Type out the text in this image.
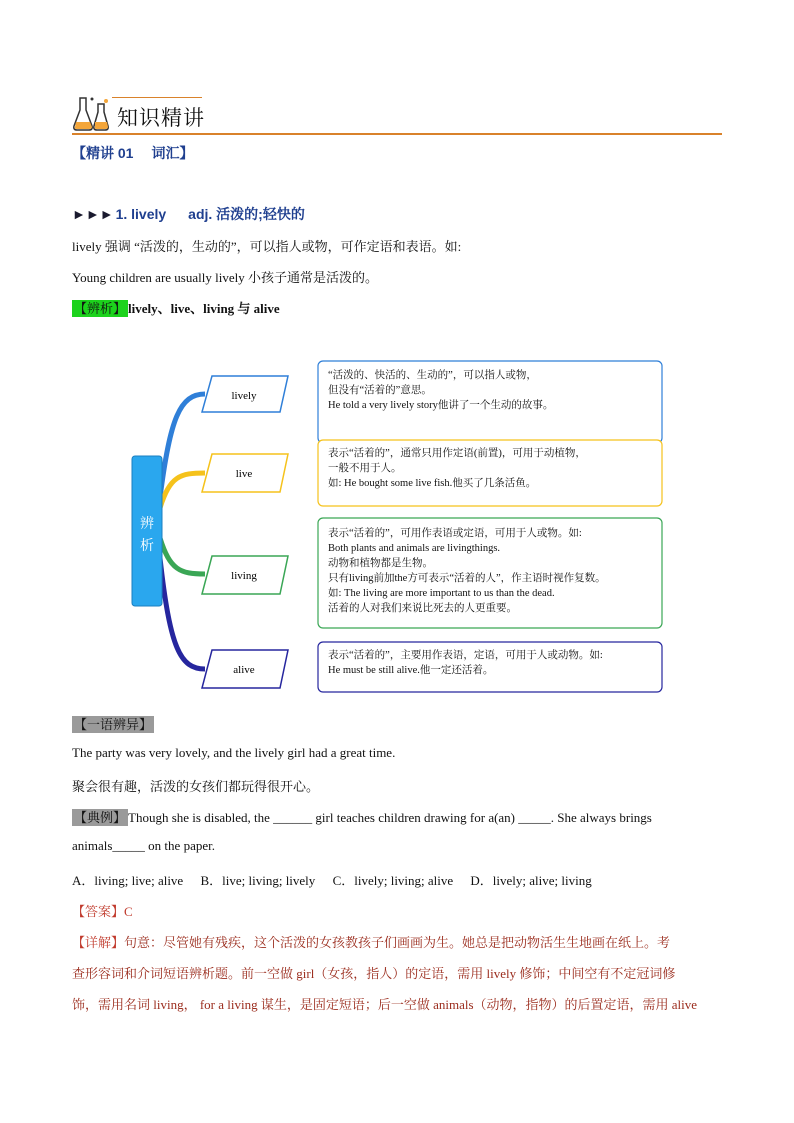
知识精讲
【精讲 01 词汇】
►►► 1. lively adj. 活泼的;轻快的
lively 强调 “活泼的，生动的”，可以指人或物，可作定语和表语。如:
Young children are usually lively 小孩子通常是活泼的。
【辨析】 lively、live、living 与 alive
辨
析
lively
live
living
alive
“活泼的、快活的、生动的”，可以指人或物，
但没有“活着的”意思。
He told a very lively story他讲了一个生动的故事。
表示“活着的”，通常只用作定语(前置)，可用于动植物，
一般不用于人。
如: He bought some live fish.他买了几条活鱼。
表示“活着的”，可用作表语或定语，可用于人或物。如:
Both plants and animals are livingthings.
动物和植物都是生物。
只有living前加the方可表示“活着的人”，作主语时视作复数。
如: The living are more important to us than the dead.
活着的人对我们来说比死去的人更重要。
表示“活着的”，主要用作表语，定语，可用于人或动物。如:
He must be still alive.他一定还活着。
【一语辨异】
The party was very lovely, and the lively girl had a great time.
聚会很有趣，活泼的女孩们都玩得很开心。
【典例】 Though she is disabled, the ______ girl teaches children drawing for a(an) _____. She always brings
animals_____ on the paper.
A．living; live; alive B．live; living; lively C．lively; living; alive D．lively; alive; living
【答案】C
【详解】句意：尽管她有残疾，这个活泼的女孩教孩子们画画为生。她总是把动物活生生地画在纸上。考
查形容词和介词短语辨析题。前一空做 girl（女孩，指人）的定语，需用 lively 修饰；中间空有不定冠词修
饰，需用名词 living， for a living 谋生，是固定短语；后一空做 animals（动物，指物）的后置定语，需用 alive
